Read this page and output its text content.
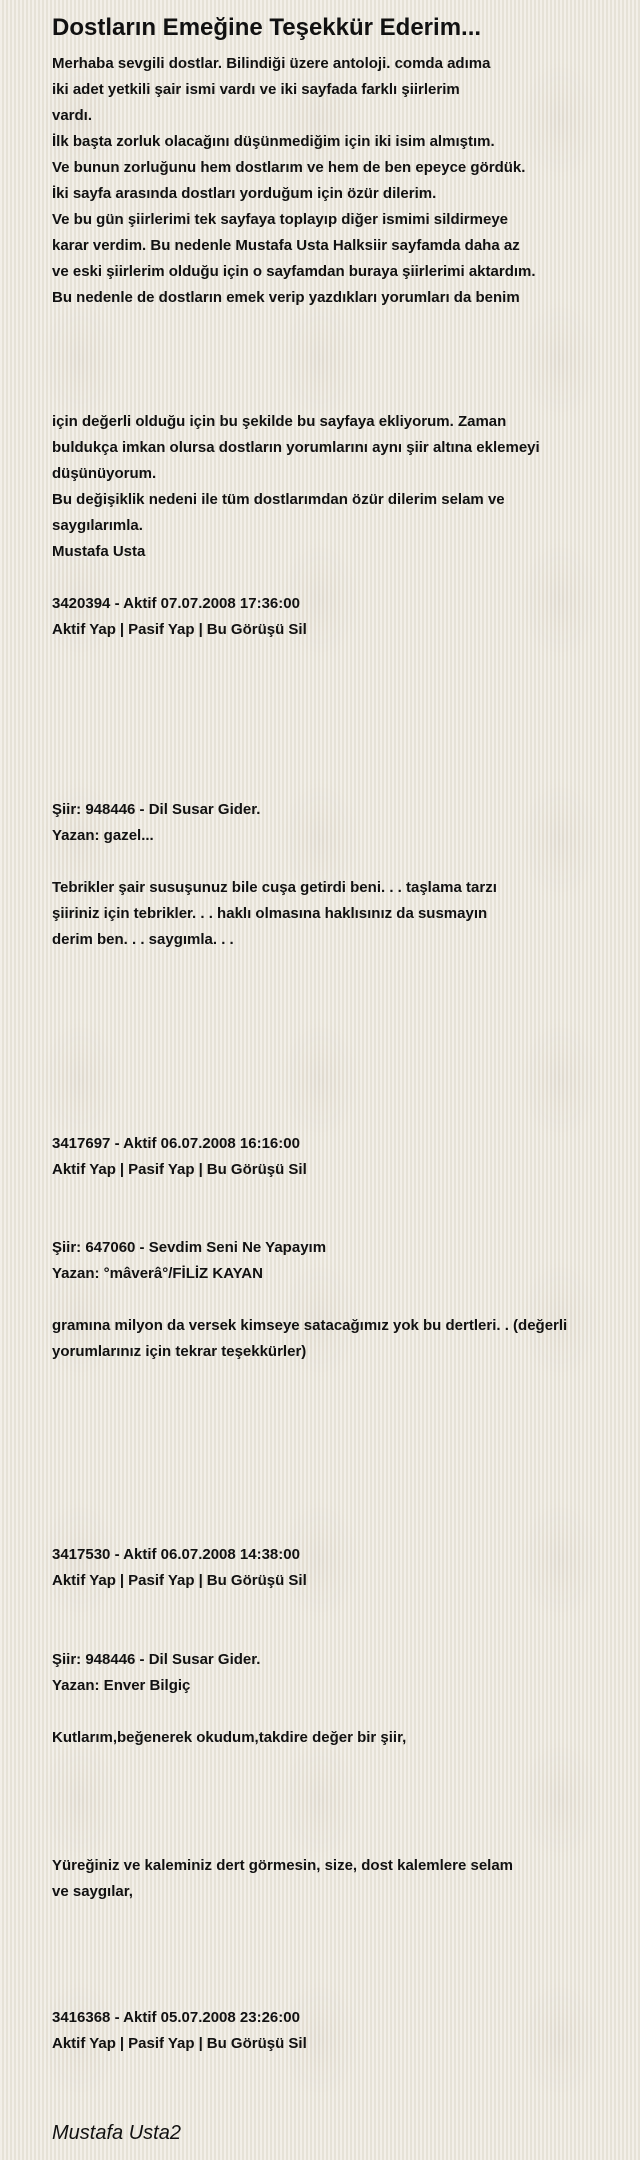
Dostların Emeğine Teşekkür Ederim...
Merhaba sevgili dostlar. Bilindiği üzere antoloji. comda adıma
iki adet yetkili şair ismi vardı ve iki sayfada farklı şiirlerim
vardı.
İlk başta zorluk olacağını düşünmediğim için iki isim almıştım.
Ve bunun zorluğunu hem dostlarım ve hem de ben epeyce gördük.
İki sayfa arasında dostları yorduğum için özür dilerim.
Ve bu gün şiirlerimi tek sayfaya toplayıp diğer ismimi sildirmeye
karar verdim. Bu nedenle Mustafa Usta Halksiir sayfamda daha az
ve eski şiirlerim olduğu için o sayfamdan buraya şiirlerimi aktardım.
Bu nedenle de dostların emek verip yazdıkları yorumları da benim
için değerli olduğu için bu şekilde bu sayfaya ekliyorum. Zaman
buldukça imkan olursa dostların yorumlarını aynı şiir altına eklemeyi
düşünüyorum.
Bu değişiklik nedeni ile tüm dostlarımdan özür dilerim selam ve
saygılarımla.
Mustafa Usta
3420394 - Aktif 07.07.2008 17:36:00
Aktif Yap | Pasif Yap | Bu Görüşü Sil
Şiir: 948446 - Dil Susar Gider.
Yazan: gazel...
Tebrikler şair susuşunuz bile cuşa getirdi beni. . . taşlama tarzı
şiiriniz için tebrikler. . . haklı olmasına haklısınız da susmayın
derim ben. . . saygımla. . .
3417697 - Aktif 06.07.2008 16:16:00
Aktif Yap | Pasif Yap | Bu Görüşü Sil
Şiir: 647060 - Sevdim Seni Ne Yapayım
Yazan: °mâverâ°/FİLİZ KAYAN
gramına milyon da versek kimseye satacağımız yok bu dertleri. . (değerli
yorumlarınız için tekrar teşekkürler)
3417530 - Aktif 06.07.2008 14:38:00
Aktif Yap | Pasif Yap | Bu Görüşü Sil
Şiir: 948446 - Dil Susar Gider.
Yazan: Enver Bilgiç
Kutlarım,beğenerek okudum,takdire değer bir şiir,
Yüreğiniz ve kaleminiz dert görmesin, size, dost kalemlere selam
ve saygılar,
3416368 - Aktif 05.07.2008 23:26:00
Aktif Yap | Pasif Yap | Bu Görüşü Sil
Mustafa Usta2
